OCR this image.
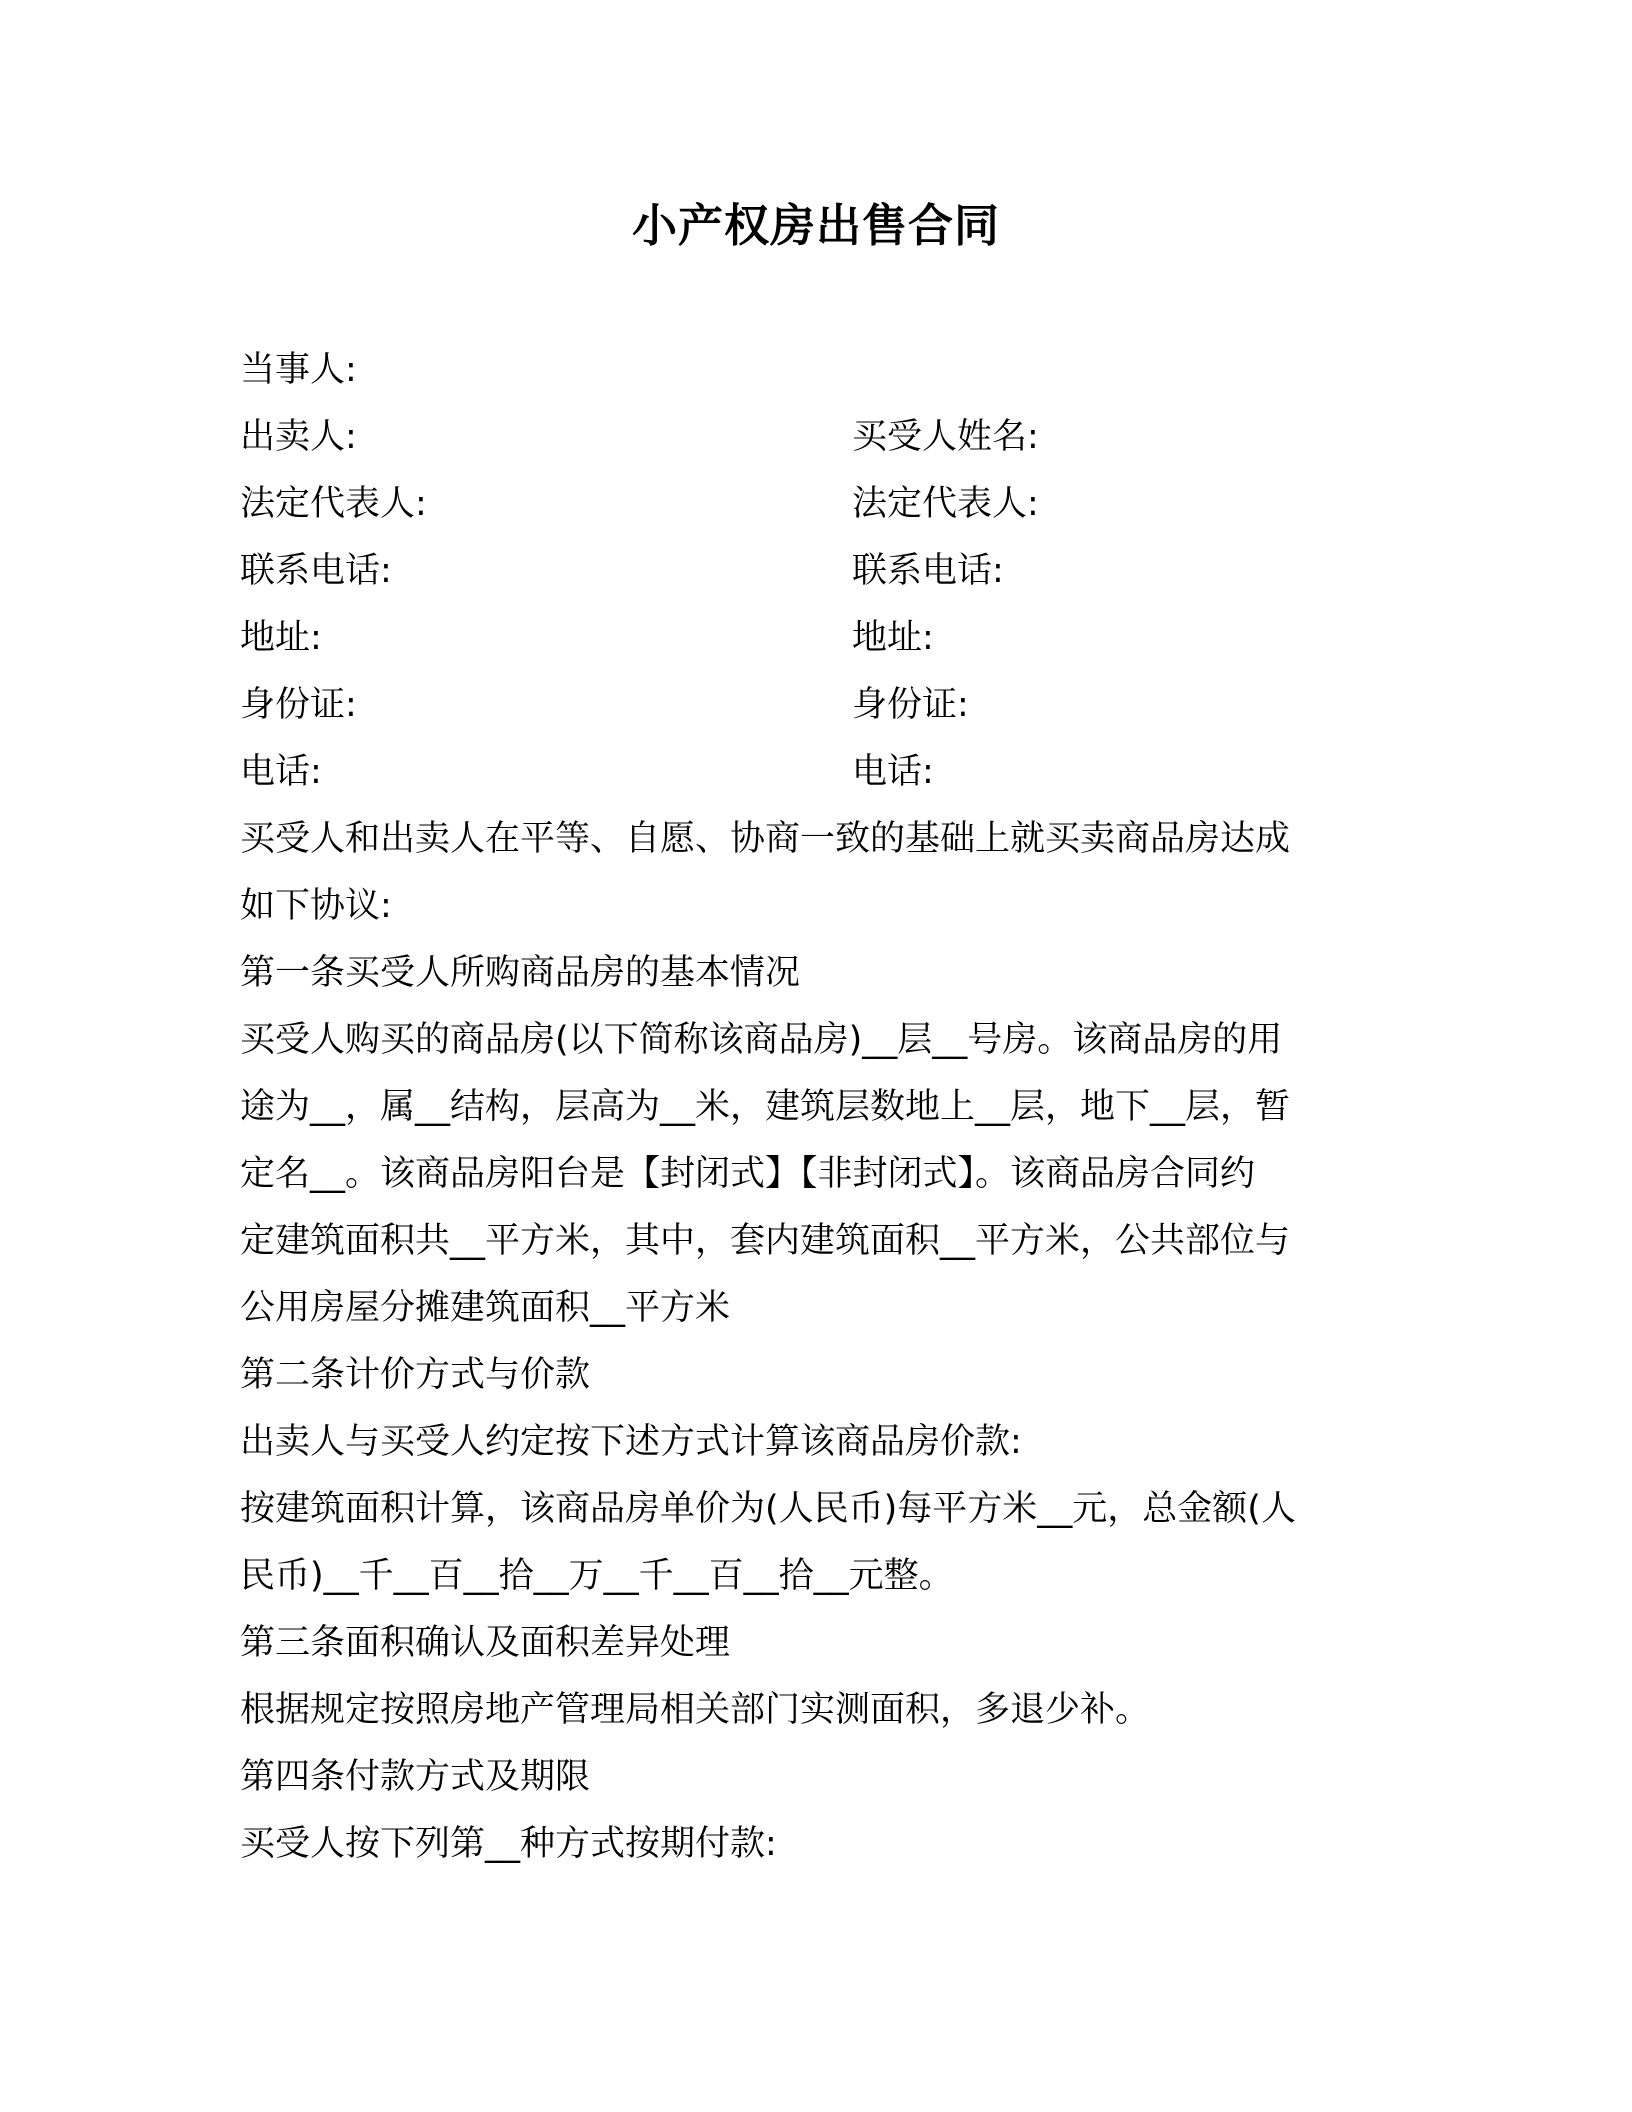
小产权房出售合同
当事人:
出卖人:	买受人姓名:
法定代表人:	法定代表人:
联系电话:	联系电话:
地址:	地址:
身份证:	身份证:
电话:	电话:
买受人和出卖人在平等、自愿、协商一致的基础上就买卖商品房达成
如下协议:
第一条买受人所购商品房的基本情况
买受人购买的商品房(以下简称该商品房)__层__号房。该商品房的用
途为__，属__结构，层高为__米，建筑层数地上__层，地下__层，暂
定名__。该商品房阳台是【封闭式】【非封闭式】。该商品房合同约
定建筑面积共__平方米，其中，套内建筑面积__平方米，公共部位与
公用房屋分摊建筑面积__平方米
第二条计价方式与价款
出卖人与买受人约定按下述方式计算该商品房价款:
按建筑面积计算，该商品房单价为(人民币)每平方米__元，总金额(人
民币)__千__百__拾__万__千__百__拾__元整。
第三条面积确认及面积差异处理
根据规定按照房地产管理局相关部门实测面积，多退少补。
第四条付款方式及期限
买受人按下列第__种方式按期付款:
